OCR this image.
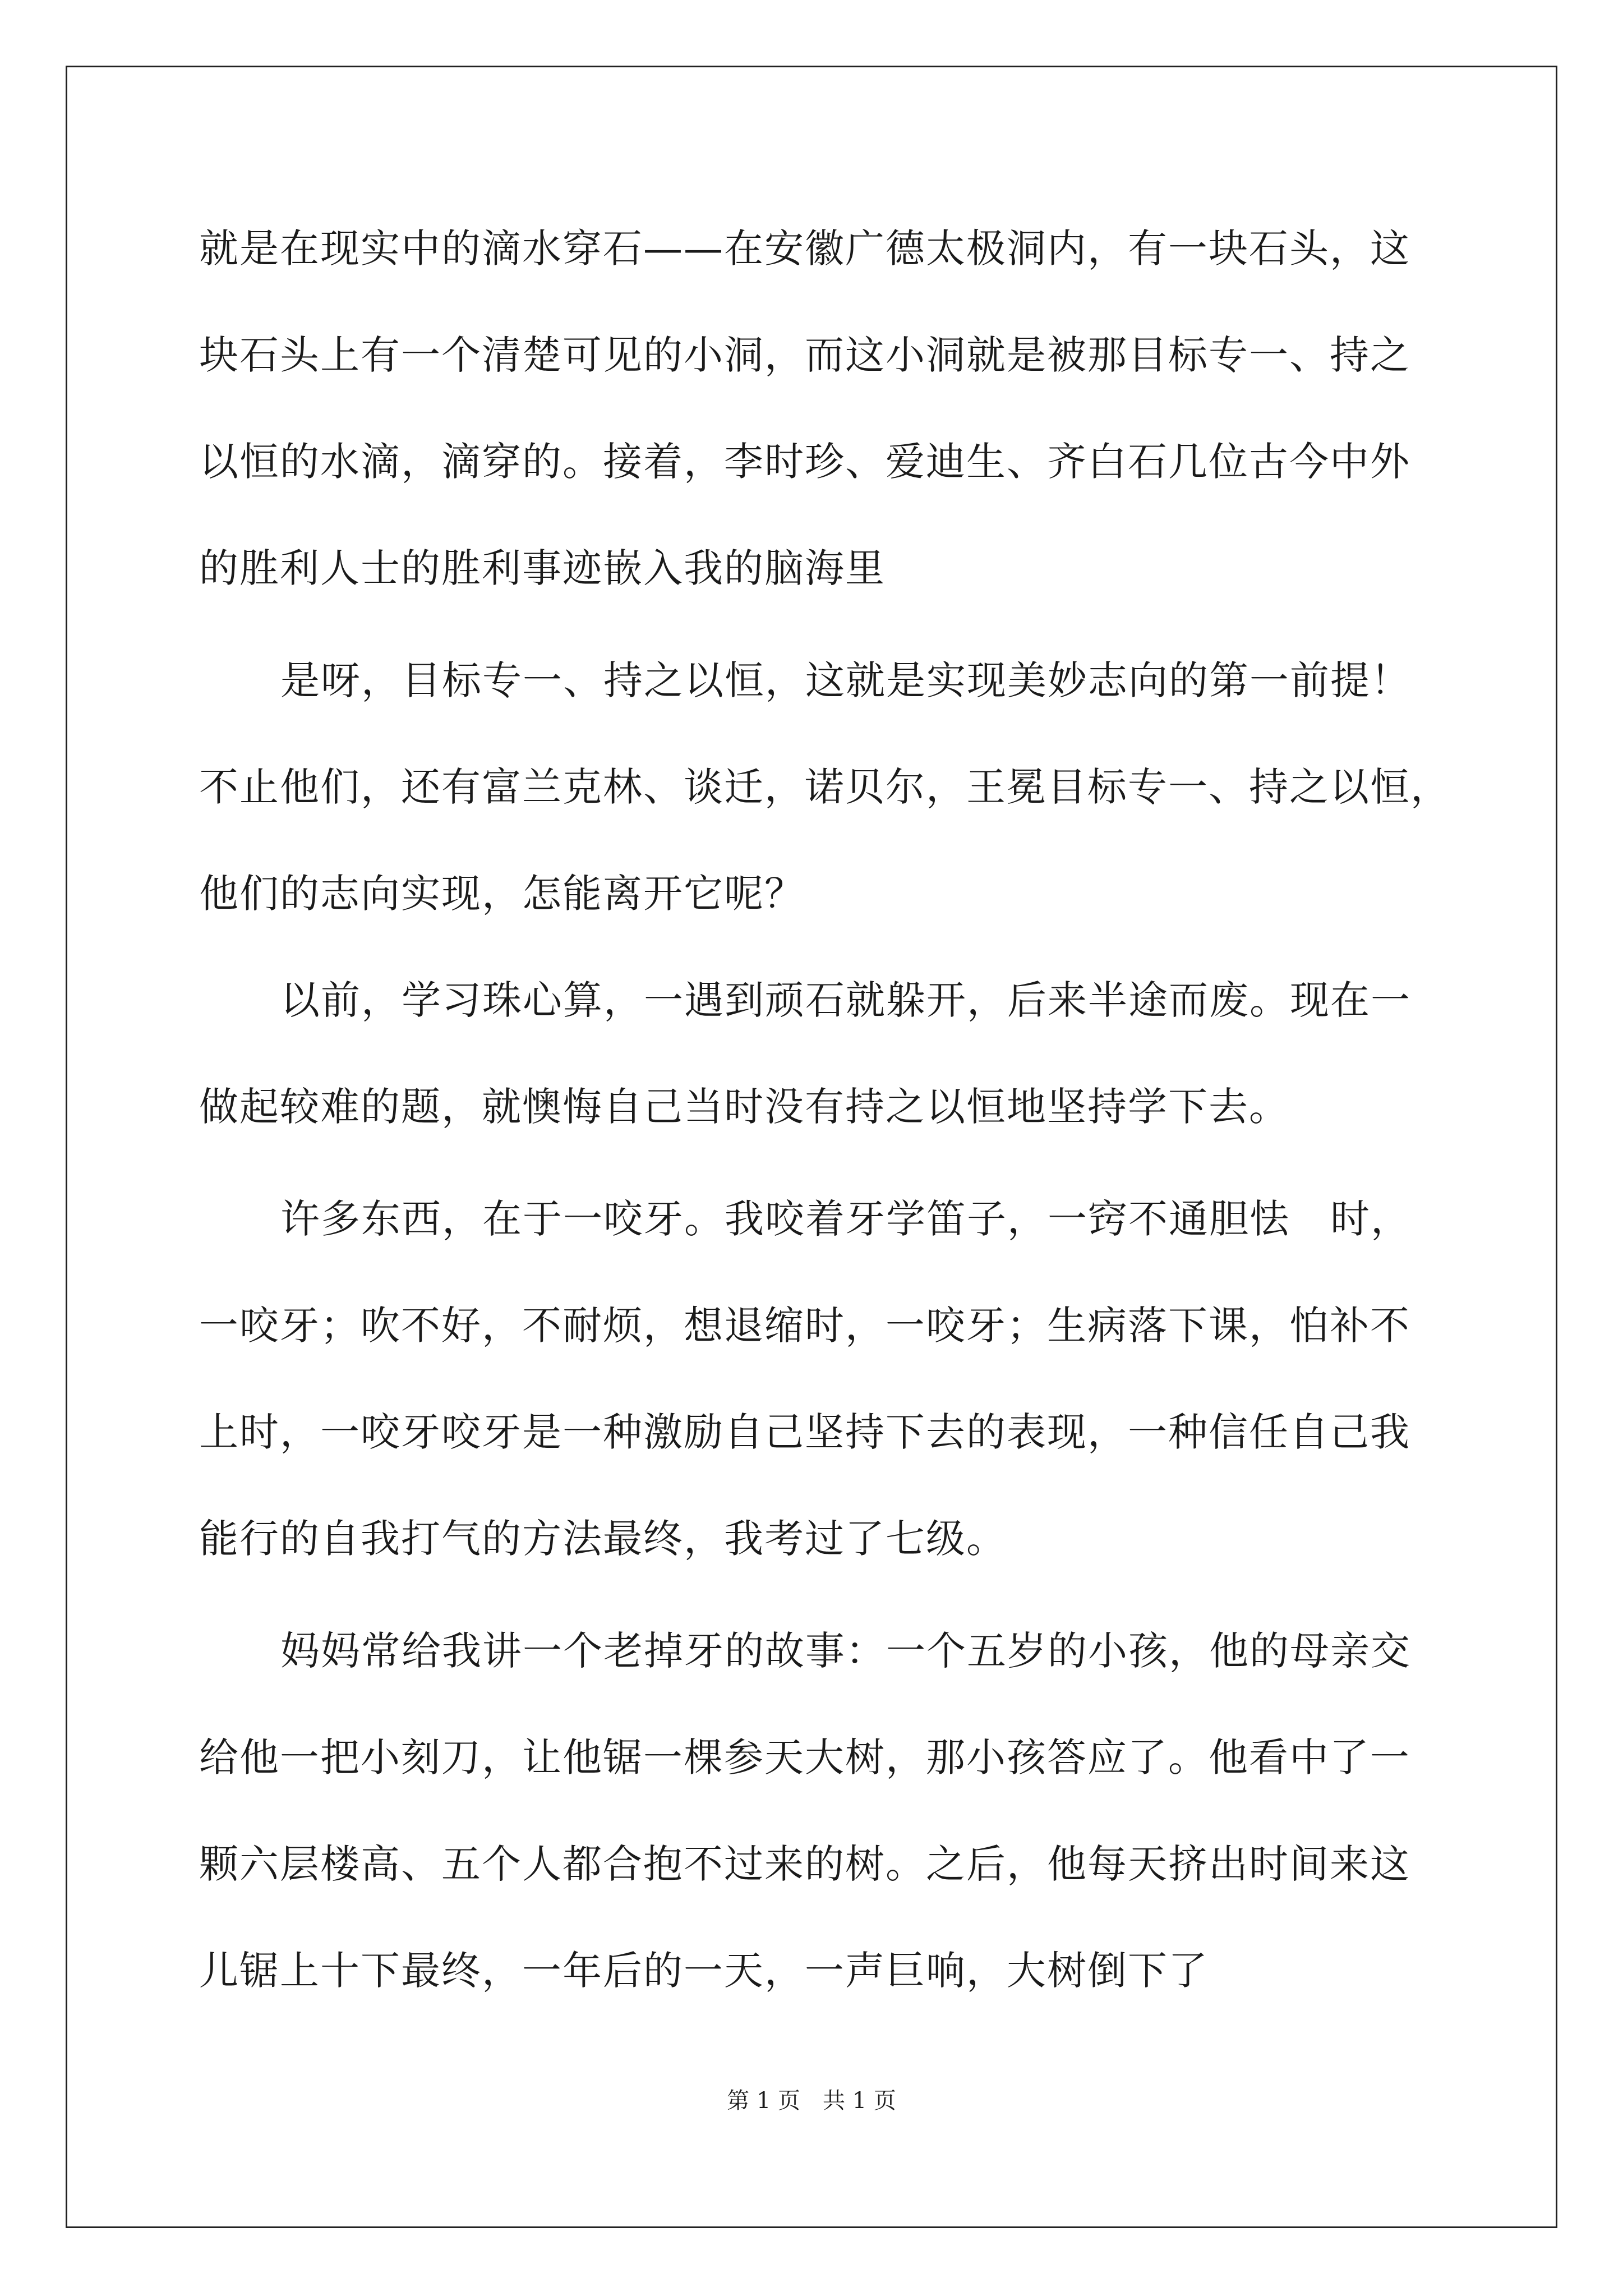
就是在现实中的滴水穿石——在安徽广德太极洞内，有一块石头，这
块石头上有一个清楚可见的小洞，而这小洞就是被那目标专一、持之
以恒的水滴，滴穿的。接着，李时珍、爱迪生、齐白石几位古今中外
的胜利人士的胜利事迹嵌入我的脑海里
是呀，目标专一、持之以恒，这就是实现美妙志向的第一前提！
不止他们，还有富兰克林、谈迁，诺贝尔，王冕目标专一、持之以恒，
他们的志向实现，怎能离开它呢？
以前，学习珠心算，一遇到顽石就躲开，后来半途而废。现在一
做起较难的题，就懊悔自己当时没有持之以恒地坚持学下去。
许多东西，在于一咬牙。我咬着牙学笛子，一窍不通胆怯　时，
一咬牙；吹不好，不耐烦，想退缩时，一咬牙；生病落下课，怕补不
上时，一咬牙咬牙是一种激励自己坚持下去的表现，一种信任自己我
能行的自我打气的方法最终，我考过了七级。
妈妈常给我讲一个老掉牙的故事：一个五岁的小孩，他的母亲交
给他一把小刻刀，让他锯一棵参天大树，那小孩答应了。他看中了一
颗六层楼高、五个人都合抱不过来的树。之后，他每天挤出时间来这
儿锯上十下最终，一年后的一天，一声巨响，大树倒下了
第 1 页　共 1 页
